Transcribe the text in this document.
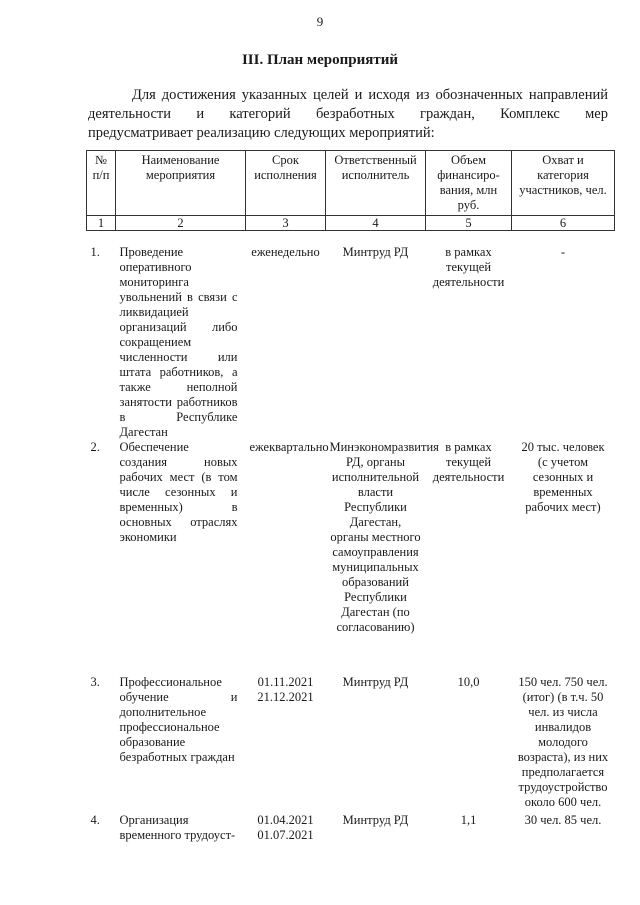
9
III. План мероприятий

Для достижения указанных целей и исходя из обозначенных направлений

деятельности и категорий безработных граждан, Комплекс мер

предусматривает реализацию следующих мероприятий:

№ п/п	Наименование мероприятия	Срок исполнения	Ответственный исполнитель	Объем финансиро-вания, млн руб.	Охват и категория участников, чел.
1	2	3	4	5	6

1.	Проведение оперативного мониторинга увольнений в связи с ликвидацией организаций либо сокращением численности или штата работников, а также неполной занятости работников в Республике Дагестан	еженедельно	Минтруд РД	в рамках текущей деятельности	-
2.	Обеспечение создания новых рабочих мест (в том числе сезонных и временных) в основных отраслях экономики	ежеквартально	Минэкономразвития РД, органы исполнительной власти Республики Дагестан, органы местного самоуправления муниципальных образований Республики Дагестан (по согласованию)	в рамках текущей деятельности	20 тыс. человек (с учетом сезонных и временных рабочих мест)
3.	Профессиональное обучение и дополнительное профессиональное образование безработных граждан	01.11.2021 21.12.2021	Минтруд РД	10,0	150 чел. 750 чел. (итог) (в т.ч. 50 чел. из числа инвалидов молодого возраста), из них предполагается трудоустройство около 600 чел.
4.	Организация временного трудоуст-	01.04.2021 01.07.2021	Минтруд РД	1,1	30 чел. 85 чел.
